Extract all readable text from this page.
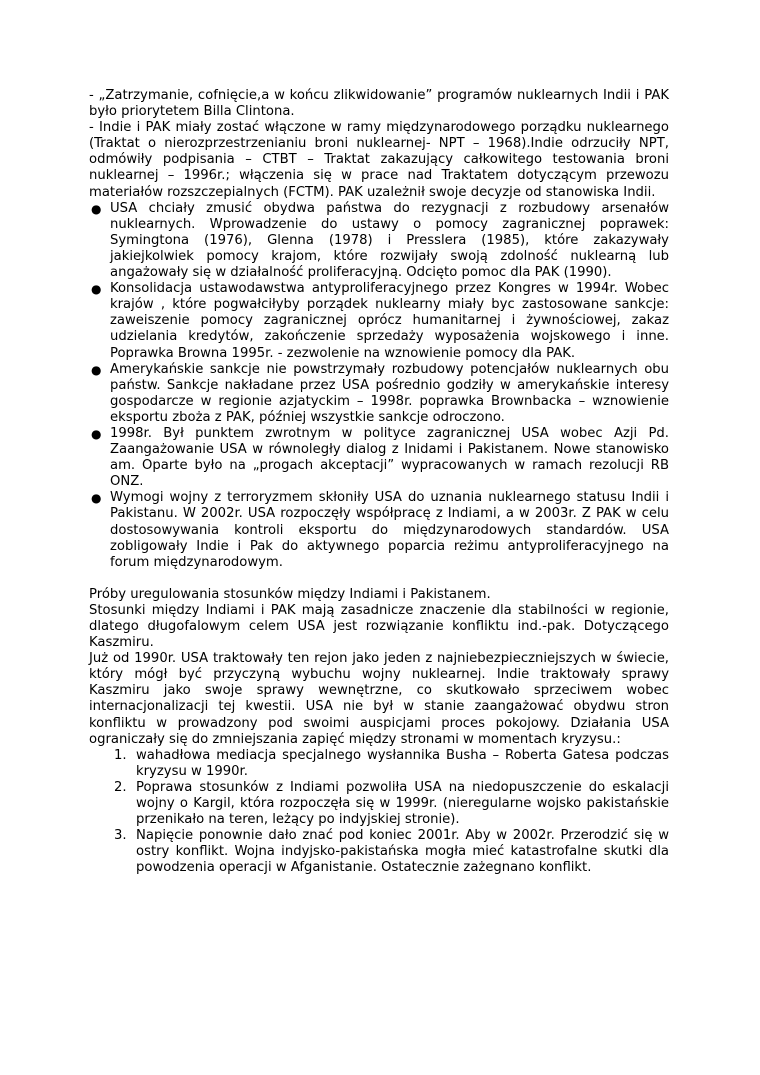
- „Zatrzymanie, cofnięcie,a w końcu zlikwidowanie” programów nuklearnych Indii i PAK było priorytetem Billa Clintona.

- Indie i PAK miały zostać włączone w ramy międzynarodowego porządku nuklearnego (Traktat o nierozprzestrzenianiu broni nuklearnej- NPT – 1968).Indie odrzuciły NPT, odmówiły podpisania – CTBT – Traktat zakazujący całkowitego testowania broni nuklearnej – 1996r.; włączenia się w prace nad Traktatem dotyczącym przewozu materiałów rozszczepialnych (FCTM). PAK uzależnił swoje decyzje od stanowiska Indii.

● USA chciały zmusić obydwa państwa do rezygnacji z rozbudowy arsenałów nuklearnych. Wprowadzenie do ustawy o pomocy zagranicznej poprawek: Symingtona (1976), Glenna (1978) i Presslera (1985), które zakazywały jakiejkolwiek pomocy krajom, które rozwijały swoją zdolność nuklearną lub angażowały się w działalność proliferacyjną. Odcięto pomoc dla PAK (1990).
● Konsolidacja ustawodawstwa antyproliferacyjnego przez Kongres w 1994r. Wobec krajów , które pogwałciłyby porządek nuklearny miały byc zastosowane sankcje: zaweiszenie pomocy zagranicznej oprócz humanitarnej i żywnościowej, zakaz udzielania kredytów, zakończenie sprzedaży wyposażenia wojskowego i inne. Poprawka Browna 1995r. - zezwolenie na wznowienie pomocy dla PAK.
● Amerykańskie sankcje nie powstrzymały rozbudowy potencjałów nuklearnych obu państw. Sankcje nakładane przez USA pośrednio godziły w amerykańskie interesy gospodarcze w regionie azjatyckim – 1998r. poprawka Brownbacka – wznowienie eksportu zboża z PAK, później wszystkie sankcje odroczono.
● 1998r. Był punktem zwrotnym w polityce zagranicznej USA wobec Azji Pd. Zaangażowanie USA w równoległy dialog z Inidami i Pakistanem. Nowe stanowisko am. Oparte było na „progach akceptacji” wypracowanych w ramach rezolucji RB ONZ.
● Wymogi wojny z terroryzmem skłoniły USA do uznania nuklearnego statusu Indii i Pakistanu. W 2002r. USA rozpoczęły współpracę z Indiami, a w 2003r. Z PAK w celu dostosowywania kontroli eksportu do międzynarodowych standardów. USA zobligowały Indie i Pak do aktywnego poparcia reżimu antyproliferacyjnego na forum międzynarodowym.

Próby uregulowania stosunków między Indiami i Pakistanem.

Stosunki między Indiami i PAK mają zasadnicze znaczenie dla stabilności w regionie, dlatego długofalowym celem USA jest rozwiązanie konfliktu ind.-pak. Dotyczącego Kaszmiru.

Już od 1990r. USA traktowały ten rejon jako jeden z najniebezpieczniejszych w świecie, który mógł być przyczyną wybuchu wojny nuklearnej. Indie traktowały sprawy Kaszmiru jako swoje sprawy wewnętrzne, co skutkowało sprzeciwem wobec internacjonalizacji tej kwestii. USA nie był w stanie zaangażować obydwu stron konfliktu w prowadzony pod swoimi auspicjami proces pokojowy. Działania USA ograniczały się do zmniejszania zapięć między stronami w momentach kryzysu.:

1. wahadłowa mediacja specjalnego wysłannika Busha – Roberta Gatesa podczas kryzysu w 1990r.
2. Poprawa stosunków z Indiami pozwoliła USA na niedopuszczenie do eskalacji wojny o Kargil, która rozpoczęła się w 1999r. (nieregularne wojsko pakistańskie przenikało na teren, leżący po indyjskiej stronie).
3. Napięcie ponownie dało znać pod koniec 2001r. Aby w 2002r. Przerodzić się w ostry konflikt. Wojna indyjsko-pakistańska mogła mieć katastrofalne skutki dla powodzenia operacji w Afganistanie. Ostatecznie zażegnano konflikt.
